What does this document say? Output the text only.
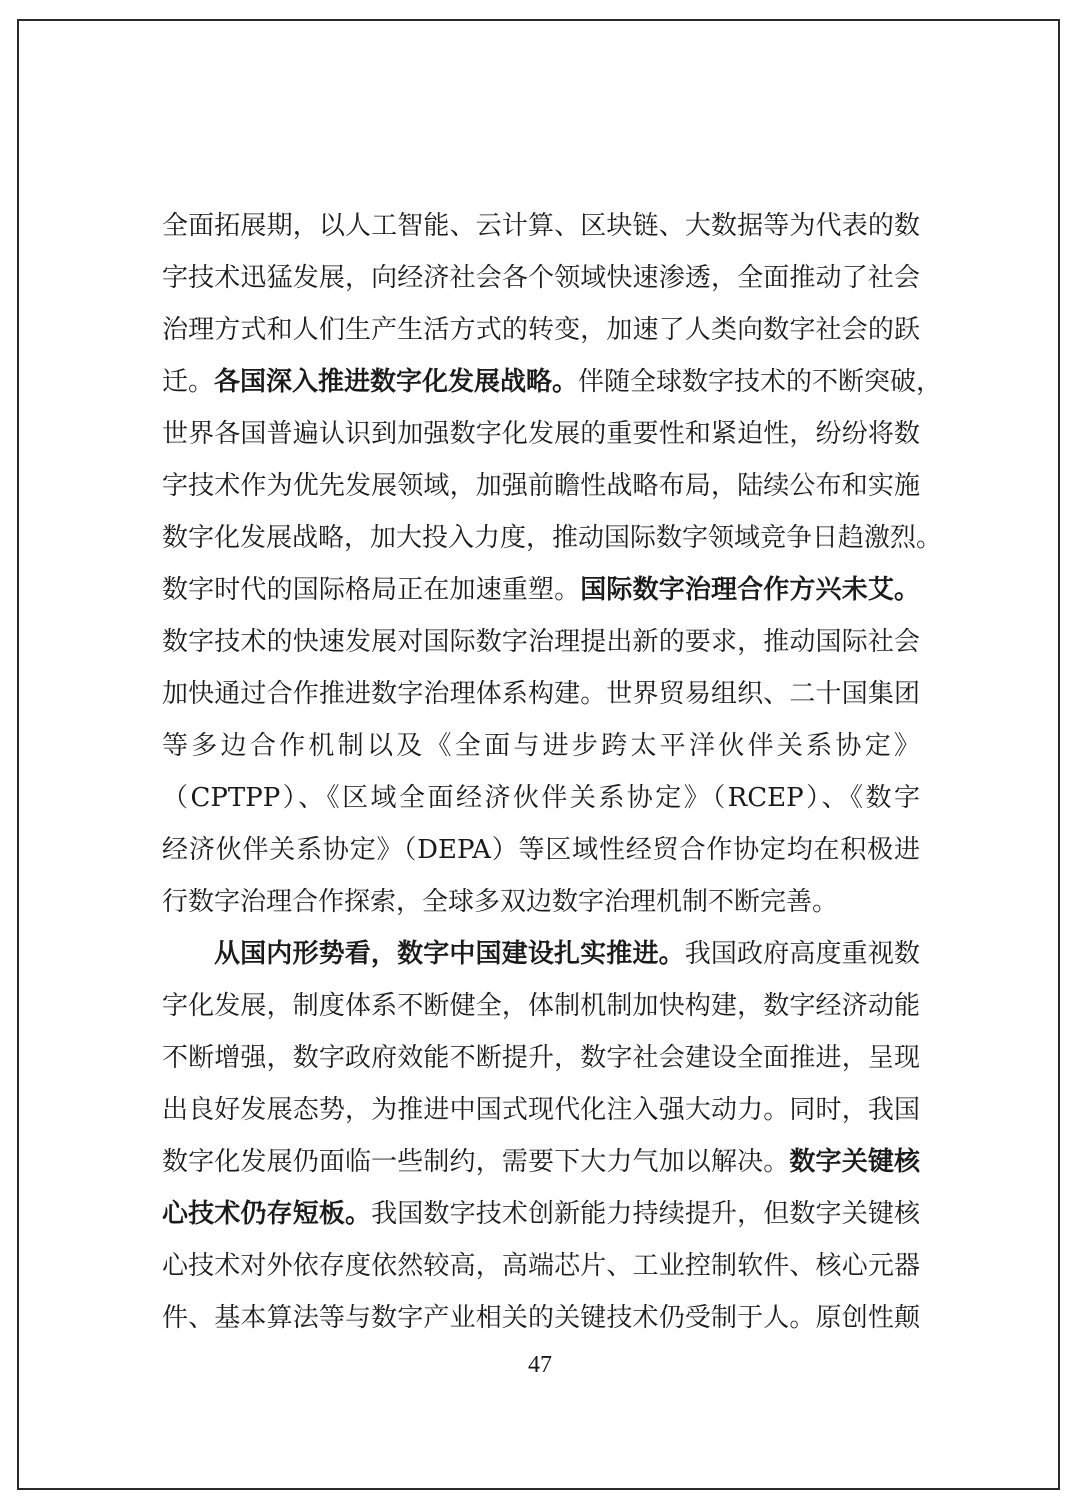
全面拓展期，以人工智能、云计算、区块链、大数据等为代表的数
字技术迅猛发展，向经济社会各个领域快速渗透，全面推动了社会
治理方式和人们生产生活方式的转变，加速了人类向数字社会的跃
迁。各国深入推进数字化发展战略。伴随全球数字技术的不断突破，
世界各国普遍认识到加强数字化发展的重要性和紧迫性，纷纷将数
字技术作为优先发展领域，加强前瞻性战略布局，陆续公布和实施
数字化发展战略，加大投入力度，推动国际数字领域竞争日趋激烈。
数字时代的国际格局正在加速重塑。国际数字治理合作方兴未艾。
数字技术的快速发展对国际数字治理提出新的要求，推动国际社会
加快通过合作推进数字治理体系构建。世界贸易组织、二十国集团
等多边合作机制以及《全面与进步跨太平洋伙伴关系协定》
（CPTPP）、《区域全面经济伙伴关系协定》（RCEP）、《数字
经济伙伴关系协定》（DEPA）等区域性经贸合作协定均在积极进
行数字治理合作探索，全球多双边数字治理机制不断完善。
从国内形势看，数字中国建设扎实推进。我国政府高度重视数
字化发展，制度体系不断健全，体制机制加快构建，数字经济动能
不断增强，数字政府效能不断提升，数字社会建设全面推进，呈现
出良好发展态势，为推进中国式现代化注入强大动力。同时，我国
数字化发展仍面临一些制约，需要下大力气加以解决。数字关键核
心技术仍存短板。我国数字技术创新能力持续提升，但数字关键核
心技术对外依存度依然较高，高端芯片、工业控制软件、核心元器
件、基本算法等与数字产业相关的关键技术仍受制于人。原创性颠
47
